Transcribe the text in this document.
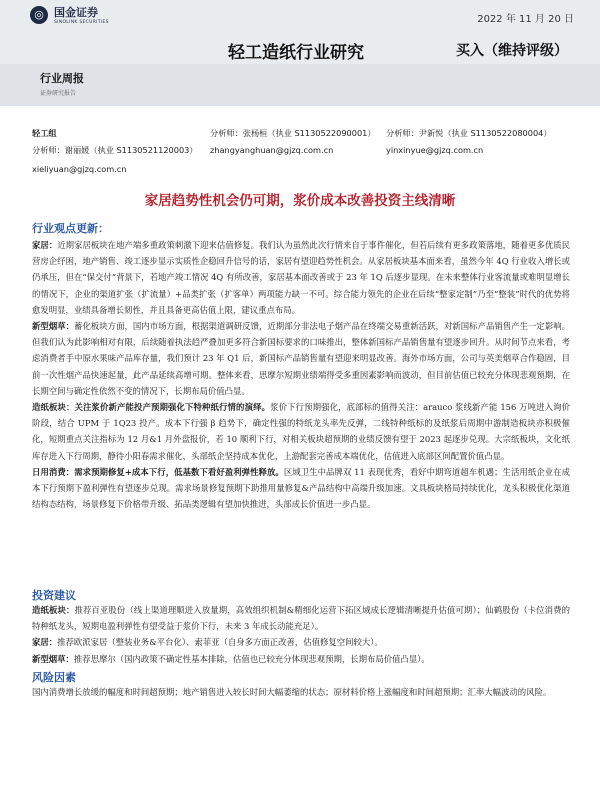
◎ 国金证券
SINOLINK SECURITIES	2022 年 11 月 20 日
轻工造纸行业研究	买入（维持评级）
行业周报
证券研究报告
轻工组	分析师：张杨桓（执业 S1130522090001） 分析师：尹新悦（执业 S1130522080004）
分析师：谢丽媛（执业 S1130521120003） zhangyanghuan@gjzq.com.cn	yinxinyue@gjzq.com.cn
xieliyuan@gjzq.com.cn
家居趋势性机会仍可期，浆价成本改善投资主线清晰
行业观点更新：

家居：近期家居板块在地产端多重政策刺激下迎来估值修复。我们认为虽然此次行情来自于事件催化，但若后续有更多政策落地，随着更多优质民营房企纾困，地产销售、竣工逐步显示实质性企稳回升信号的话，家居有望迎趋势性机会。从家居板块基本面来看，虽然今年 4Q 行业收入增长或仍承压，但在“保交付”背景下，若地产竣工情况 4Q 有所改善，家居基本面改善或于 23 年 1Q 后逐步显现。在未来整体行业客流量或难明显增长的情况下，企业的渠道扩张（扩流量）+品类扩张（扩客单）两项能力缺一不可。综合能力领先的企业在后续“整家定制”乃至“整装”时代的优势将愈发明显，业绩具备增长韧性，并且具备更高估值上限，建议重点布局。

新型烟草：蓄化板块方面，国内市场方面，根据渠道调研反馈，近期部分非法电子烟产品在终端交易重新活跃，对新国标产品销售产生一定影响。但我们认为此影响相对有限，后续随着执法趋严叠加更多符合新国标要求的口味推出，整体新国标产品销售量有望逐步回升。从时间节点来看，考虑消费者手中原水果味产品库存量，我们预计 23 年 Q1 后，新国标产品销售量有望迎来明显改善。海外市场方面，公司与英美烟草合作稳固，目前一次性烟产品快速起量，此产品延续高增可期。整体来看，思摩尔短期业绩端得受多重因素影响而波动，但目前估值已较充分体现悲观预期，在长期空间与确定性依然不变的情况下，长期布局价值凸显。

造纸板块：关注浆价新产能投产预期强化下特种纸行情的演绎。浆价下行预期强化，底部标的值得关注：arauco 浆线新产能 156 万吨进入询价阶段，结合 UPM 于 1Q23 投产。成本下行强 β 趋势下，确定性强的特纸龙头率先反弹，二线特种纸标的及纸浆后周期中游制造板块亦积极催化，短期重点关注指标为 12 月&1 月外盘报价，若 10 顺利下行，对相关板块超预期的业绩反馈有望于 2023 起逐步兑现。大宗纸板块，文化纸库存进入下行周期，静待小阳春需求催化，头部纸企坚持成本优化，上游配套完善成本端优化，估值进入底部区间配置价值凸显。

日用消费：需求预期修复+成本下行，低基数下看好盈利弹性释放。区域卫生中品牌双 11 表现优秀，看好中期弯道超车机遇；生活用纸企业在成本下行预期下盈利弹性有望逐步兑现。需求场景修复预期下助推用量修复&产品结构中高端升级加速。文具板块格局持续优化，龙头积极优化渠道结构态结构，场景修复下价格带升级、拓品类逻辑有望加快推进，头部成长价值进一步凸显。

投资建议

造纸板块：推荐百亚股份（线上渠道理顺进入放量期，高效组织机制&精细化运营下拓区域成长逻辑清晰提升估值可期）；仙鹤股份（卡位消费的特种纸龙头，短期电盈利弹性有望受益于浆价下行，未来 3 年成长动能充足）。

家居：推荐欧派家居（整装业务&平台化）、索菲亚（自身多方面正改善，估值修复空间较大）。

新型烟草：推荐思摩尔（国内政策不确定性基本排除，估值也已较充分体现悲观预期，长期布局价值凸显）。

风险因素

国内消费增长放缓的幅度和时间超预期；地产销售进入较长时间大幅萎缩的状态；原材料价格上涨幅度和时间超预期；汇率大幅波动的风险。
